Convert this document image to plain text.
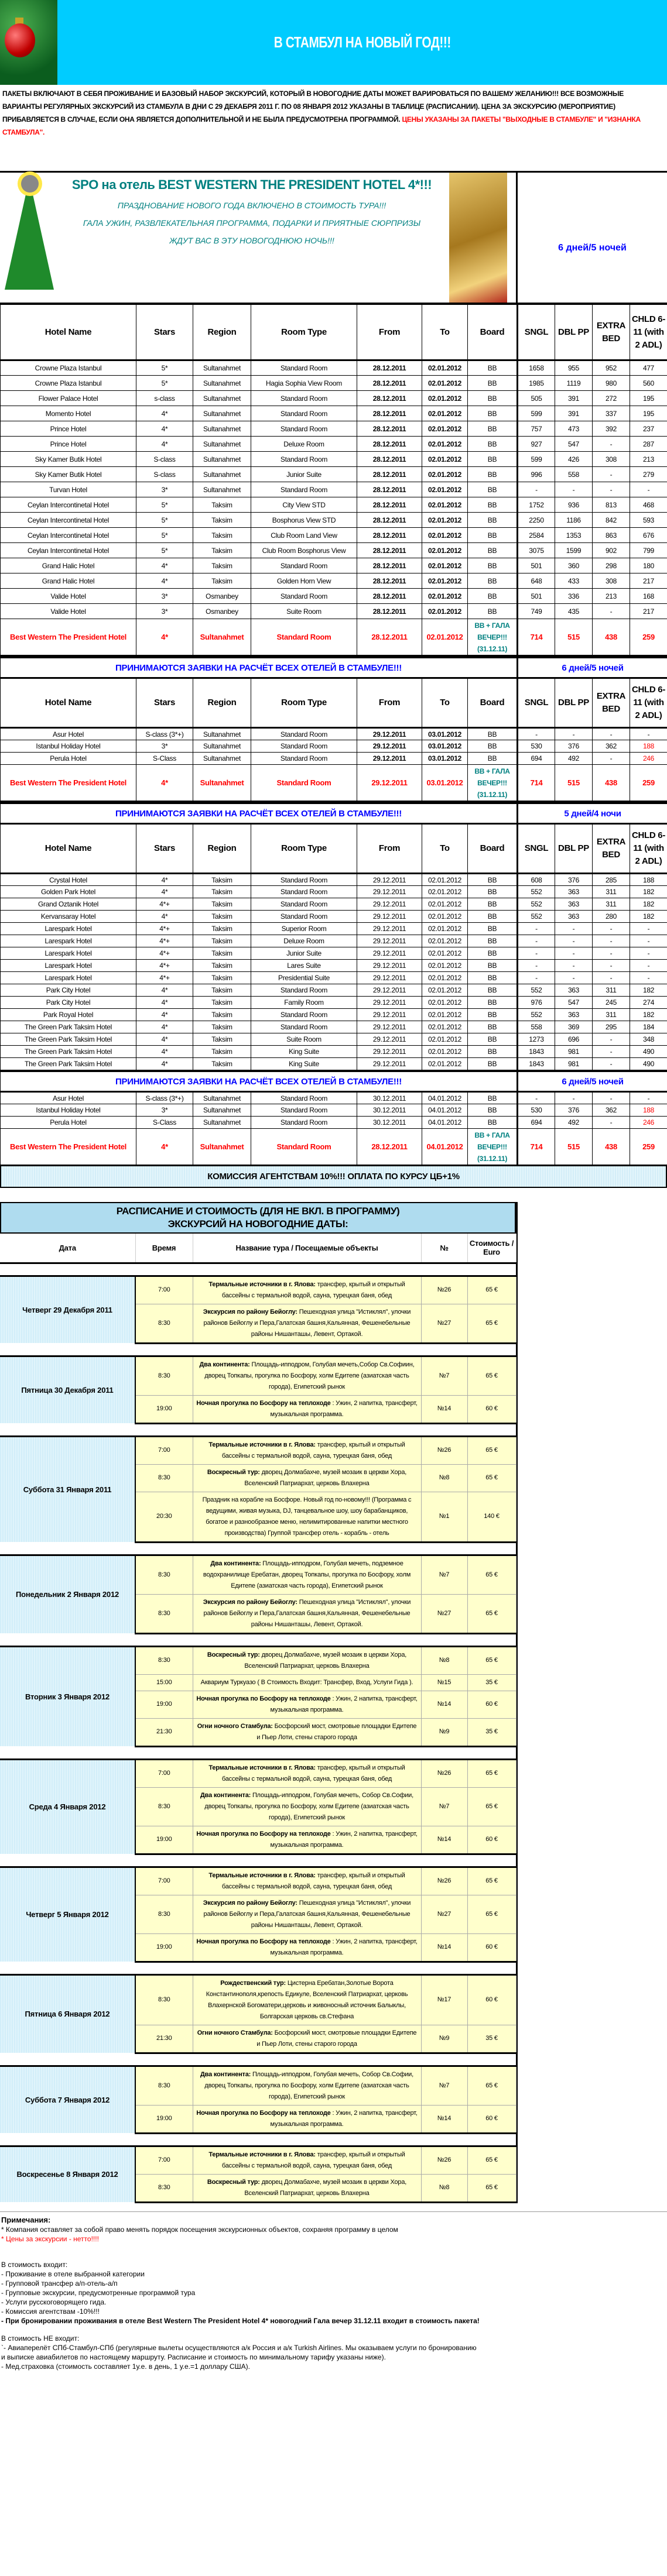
В СТАМБУЛ НА НОВЫЙ ГОД!!!
ПАКЕТЫ ВКЛЮЧАЮТ В СЕБЯ ПРОЖИВАНИЕ И БАЗОВЫЙ НАБОР ЭКСКУРСИЙ, КОТОРЫЙ В НОВОГОДНИЕ ДАТЫ МОЖЕТ ВАРИРОВАТЬСЯ ПО ВАШЕМУ ЖЕЛАНИЮ!!! ВСЕ ВОЗМОЖНЫЕ ВАРИАНТЫ РЕГУЛЯРНЫХ ЭКСКУРСИЙ ИЗ СТАМБУЛА В ДНИ С 29 ДЕКАБРЯ 2011 Г. ПО 08 ЯНВАРЯ 2012 УКАЗАНЫ В ТАБЛИЦЕ (РАСПИСАНИИ). ЦЕНА ЗА ЭКСКУРСИЮ (МЕРОПРИЯТИЕ) ПРИБАВЛЯЕТСЯ В СЛУЧАЕ, ЕСЛИ ОНА ЯВЛЯЕТСЯ ДОПОЛНИТЕЛЬНОЙ И НЕ БЫЛА ПРЕДУСМОТРЕНА ПРОГРАММОЙ. ЦЕНЫ УКАЗАНЫ ЗА ПАКЕТЫ "ВЫХОДНЫЕ В СТАМБУЛЕ" И "ИЗНАНКА СТАМБУЛА".
SPO на отель BEST WESTERN THE PRESIDENT HOTEL 4*!!!
ПРАЗДНОВАНИЕ НОВОГО ГОДА ВКЛЮЧЕНО В СТОИМОСТЬ ТУРА!!!
ГАЛА УЖИН, РАЗВЛЕКАТЕЛЬНАЯ ПРОГРАММА, ПОДАРКИ И ПРИЯТНЫЕ СЮРПРИЗЫ
ЖДУТ ВАС В ЭТУ НОВОГОДНЮЮ НОЧЬ!!!
6 дней/5 ночей
Hotel Name	Stars	Region	Room Type	From	To	Board	SNGL	DBL PP	EXTRA BED	CHLD 6-11 (with 2 ADL)
Crowne Plaza Istanbul	5*	Sultanahmet	Standard Room	28.12.2011	02.01.2012	BB	1658	955	952	477
Crowne Plaza Istanbul	5*	Sultanahmet	Hagia Sophia View Room	28.12.2011	02.01.2012	BB	1985	1119	980	560
Flower Palace Hotel	s-class	Sultanahmet	Standard Room	28.12.2011	02.01.2012	BB	505	391	272	195
Momento Hotel	4*	Sultanahmet	Standard Room	28.12.2011	02.01.2012	BB	599	391	337	195
Prince Hotel	4*	Sultanahmet	Standard Room	28.12.2011	02.01.2012	BB	757	473	392	237
Prince Hotel	4*	Sultanahmet	Deluxe Room	28.12.2011	02.01.2012	BB	927	547	-	287
Sky Kamer Butik Hotel	S-class	Sultanahmet	Standard Room	28.12.2011	02.01.2012	BB	599	426	308	213
Sky Kamer Butik Hotel	S-class	Sultanahmet	Junior Suite	28.12.2011	02.01.2012	BB	996	558	-	279
Turvan Hotel	3*	Sultanahmet	Standard Room	28.12.2011	02.01.2012	BB	-	-	-	-
Ceylan Intercontinetal Hotel	5*	Taksim	City View STD	28.12.2011	02.01.2012	BB	1752	936	813	468
Ceylan Intercontinetal Hotel	5*	Taksim	Bosphorus View STD	28.12.2011	02.01.2012	BB	2250	1186	842	593
Ceylan Intercontinetal Hotel	5*	Taksim	Club Room Land View	28.12.2011	02.01.2012	BB	2584	1353	863	676
Ceylan Intercontinetal Hotel	5*	Taksim	Club Room Bosphorus View	28.12.2011	02.01.2012	BB	3075	1599	902	799
Grand Halic Hotel	4*	Taksim	Standard Room	28.12.2011	02.01.2012	BB	501	360	298	180
Grand Halic Hotel	4*	Taksim	Golden Horn View	28.12.2011	02.01.2012	BB	648	433	308	217
Valide Hotel	3*	Osmanbey	Standard Room	28.12.2011	02.01.2012	BB	501	336	213	168
Valide Hotel	3*	Osmanbey	Suite Room	28.12.2011	02.01.2012	BB	749	435	-	217
Best Western The President Hotel	4*	Sultanahmet	Standard Room	28.12.2011	02.01.2012	BB + ГАЛА ВЕЧЕР!!! (31.12.11)	714	515	438	259
ПРИНИМАЮТСЯ ЗАЯВКИ НА РАСЧЁТ ВСЕХ ОТЕЛЕЙ В СТАМБУЛЕ!!!							6 дней/5 ночей			
Hotel Name	Stars	Region	Room Type	From	To	Board	SNGL	DBL PP	EXTRA BED	CHLD 6-11 (with 2 ADL)
Asur Hotel	S-class (3*+)	Sultanahmet	Standard Room	29.12.2011	03.01.2012	BB	-	-	-	-
Istanbul Holiday Hotel	3*	Sultanahmet	Standard Room	29.12.2011	03.01.2012	BB	530	376	362	188
Perula Hotel	S-Class	Sultanahmet	Standard Room	29.12.2011	03.01.2012	BB	694	492	-	246
Best Western The President Hotel	4*	Sultanahmet	Standard Room	29.12.2011	03.01.2012	BB + ГАЛА ВЕЧЕР!!! (31.12.11)	714	515	438	259
ПРИНИМАЮТСЯ ЗАЯВКИ НА РАСЧЁТ ВСЕХ ОТЕЛЕЙ В СТАМБУЛЕ!!!							5 дней/4 ночи			
Hotel Name	Stars	Region	Room Type	From	To	Board	SNGL	DBL PP	EXTRA BED	CHLD 6-11 (with 2 ADL)
Crystal Hotel	4*	Taksim	Standard Room	29.12.2011	02.01.2012	BB	608	376	285	188
Golden Park Hotel	4*	Taksim	Standard Room	29.12.2011	02.01.2012	BB	552	363	311	182
Grand Oztanik Hotel	4*+	Taksim	Standard Room	29.12.2011	02.01.2012	BB	552	363	311	182
Kervansaray Hotel	4*	Taksim	Standard Room	29.12.2011	02.01.2012	BB	552	363	280	182
Larespark Hotel	4*+	Taksim	Superior Room	29.12.2011	02.01.2012	BB	-	-	-	-
Larespark Hotel	4*+	Taksim	Deluxe Room	29.12.2011	02.01.2012	BB	-	-	-	-
Larespark Hotel	4*+	Taksim	Junior Suite	29.12.2011	02.01.2012	BB	-	-	-	-
Larespark Hotel	4*+	Taksim	Lares Suite	29.12.2011	02.01.2012	BB	-	-	-	-
Larespark Hotel	4*+	Taksim	Presidential Suite	29.12.2011	02.01.2012	BB	-	-	-	-
Park City Hotel	4*	Taksim	Standard Room	29.12.2011	02.01.2012	BB	552	363	311	182
Park City Hotel	4*	Taksim	Family Room	29.12.2011	02.01.2012	BB	976	547	245	274
Park Royal Hotel	4*	Taksim	Standard Room	29.12.2011	02.01.2012	BB	552	363	311	182
The Green Park Taksim Hotel	4*	Taksim	Standard Room	29.12.2011	02.01.2012	BB	558	369	295	184
The Green Park Taksim Hotel	4*	Taksim	Suite Room	29.12.2011	02.01.2012	BB	1273	696	-	348
The Green Park Taksim Hotel	4*	Taksim	King Suite	29.12.2011	02.01.2012	BB	1843	981	-	490
The Green Park Taksim Hotel	4*	Taksim	King Suite	29.12.2011	02.01.2012	BB	1843	981	-	490
ПРИНИМАЮТСЯ ЗАЯВКИ НА РАСЧЁТ ВСЕХ ОТЕЛЕЙ В СТАМБУЛЕ!!!							6 дней/5 ночей			
Asur Hotel	S-class (3*+)	Sultanahmet	Standard Room	30.12.2011	04.01.2012	BB	-	-	-	-
Istanbul Holiday Hotel	3*	Sultanahmet	Standard Room	30.12.2011	04.01.2012	BB	530	376	362	188
Perula Hotel	S-Class	Sultanahmet	Standard Room	30.12.2011	04.01.2012	BB	694	492	-	246
Best Western The President Hotel	4*	Sultanahmet	Standard Room	28.12.2011	04.01.2012	BB + ГАЛА ВЕЧЕР!!! (31.12.11)	714	515	438	259
КОМИССИЯ АГЕНТСТВАМ 10%!!! ОПЛАТА ПО КУРСУ ЦБ+1%
РАСПИСАНИЕ И СТОИМОСТЬ (ДЛЯ НЕ ВКЛ. В ПРОГРАММУ)
ЭКСКУРСИЙ НА НОВОГОДНИЕ ДАТЫ:
Дата	Время	Название тура / Посещаемые объекты	№	Стоимость / Euro

Четверг 29 Декабря 2011	7:00	Термальные источники в г. Ялова: трансфер, крытый и открытый бассейны с термальной водой, сауна, турецкая баня, обед	№26	65 €
	8:30	Экскурсия по району Бейоглу: Пешеходная улица "Истиклял", улочки районов Бейоглу и Пера,Галатская башня,Кальянная, Фешенебельные районы Нишанташы, Левент, Ортакой.	№27	65 €

Пятница 30 Декабря 2011	8:30	Два континента: Площадь-ипподром, Голубая мечеть,Собор Св.Софиин, дворец Топкапы, прогулка по Босфору, холм Едитепе (азиатская часть города), Египетский рынок	№7	65 €
	19:00	Ночная прогулка по Босфору на теплоходе : Ужин, 2 напитка, трансферт, музыкальная программа.	№14	60 €

Суббота 31 Января 2011	7:00	Термальные источники в г. Ялова: трансфер, крытый и открытый бассейны с термальной водой, сауна, турецкая баня, обед	№26	65 €
	8:30	Воскресный тур: дворец Долмабахче, музей мозаик в церкви Хора, Вселенский Патриархат, церковь Влахерна	№8	65 €
	20:30	Праздник на корабле на Босфоре. Новый год по-новому!!! (Программа с ведущими, живая музыка, DJ, танцевальное шоу, шоу барабанщиков, богатое и разнообразное меню, нелимитированные напитки местного производства) Группой трансфер отель - корабль - отель	№1	140 €

Понедельник 2 Января 2012	8:30	Два континента: Площадь-ипподром, Голубая мечеть, подземное водохранилище Еребатан, дворец Топкапы, прогулка по Босфору, холм Едитепе (азиатская часть города), Египетский рынок	№7	65 €
	8:30	Экскурсия по району Бейоглу: Пешеходная улица "Истиклял", улочки районов Бейоглу и Пера,Галатская башня,Кальянная, Фешенебельные районы Нишанташы, Левент, Ортакой.	№27	65 €

Вторник 3 Января 2012	8:30	Воскресный тур: дворец Долмабахче, музей мозаик в церкви Хора, Вселенский Патриархат, церковь Влахерна	№8	65 €
	15:00	Аквариум Туркуазо ( В Стоимость Входит: Трансфер, Вход, Услуги Гида ).	№15	35 €
	19:00	Ночная прогулка по Босфору на теплоходе : Ужин, 2 напитка, трансферт, музыкальная программа.	№14	60 €
	21:30	Огни ночного Стамбула: Босфорский мост, смотровые площадки Едитепе и Пьер Лоти, стены старого города	№9	35 €

Среда 4 Января 2012	7:00	Термальные источники в г. Ялова: трансфер, крытый и открытый бассейны с термальной водой, сауна, турецкая баня, обед	№26	65 €
	8:30	Два континента: Площадь-ипподром, Голубая мечеть, Собор Св.Софии, дворец Топкапы, прогулка по Босфору, холм Едитепе (азиатская часть города), Египетский рынок	№7	65 €
	19:00	Ночная прогулка по Босфору на теплоходе : Ужин, 2 напитка, трансферт, музыкальная программа.	№14	60 €

Четверг 5 Января 2012	7:00	Термальные источники в г. Ялова: трансфер, крытый и открытый бассейны с термальной водой, сауна, турецкая баня, обед	№26	65 €
	8:30	Экскурсия по району Бейоглу: Пешеходная улица "Истиклял", улочки районов Бейоглу и Пера,Галатская башня,Кальянная, Фешенебельные районы Нишанташы, Левент, Ортакой.	№27	65 €
	19:00	Ночная прогулка по Босфору на теплоходе : Ужин, 2 напитка, трансферт, музыкальная программа.	№14	60 €

Пятница 6 Января 2012	8:30	Рождественский тур: Цистерна Еребатан,Золотые Ворота Константинополя,крепость Едикуле, Вселенский Патриархат, церковь Влахернской Богоматери,церковь и живоносный источник Балыклы, Болгарская церковь св.Стефана	№17	60 €
	21:30	Огни ночного Стамбула: Босфорский мост, смотровые площадки Едитепе и Пьер Лоти, стены старого города	№9	35 €

Суббота 7 Января 2012	8:30	Два континента: Площадь-ипподром, Голубая мечеть, Собор Св.Софии, дворец Топкапы, прогулка по Босфору, холм Едитепе (азиатская часть города), Египетский рынок	№7	65 €
	19:00	Ночная прогулка по Босфору на теплоходе : Ужин, 2 напитка, трансферт, музыкальная программа.	№14	60 €

Воскресенье 8 Января 2012	7:00	Термальные источники в г. Ялова: трансфер, крытый и открытый бассейны с термальной водой, сауна, турецкая баня, обед	№26	65 €
	8:30	Воскресный тур: дворец Долмабахче, музей мозаик в церкви Хора, Вселенский Патриархат, церковь Влахерна	№8	65 €
Примечания:
* Компания оставляет за собой право менять порядок посещения экскурсионных объектов, сохраняя программу в целом
* Цены за экскурсии - нетто!!!!
В стоимость входит:
- Проживание в отеле выбранной категории
- Групповой трансфер а/п-отель-а/п
- Групповые экскурсии, предусмотренные программой тура
- Услуги русскоговорящего гида.
- Комиссия агентствам -10%!!!
- При бронировании проживания в отеле Best Western The President Hotel 4* новогодний Гала вечер 31.12.11 входит в стоимость пакета!
В стоимость НЕ входит:
`- Авиаперелёт СПб-Стамбул-СПб (регулярные вылеты осуществляются а/к Россия и а/к Turkish Airlines. Мы оказываем услуги по бронированию
и выписке авиабилетов по настоящему маршруту. Расписание и стоимость по минимальному тарифу указаны ниже).
- Мед.страховка (стоимость составляет 1у.е. в день, 1 у.е.=1 доллару США).
